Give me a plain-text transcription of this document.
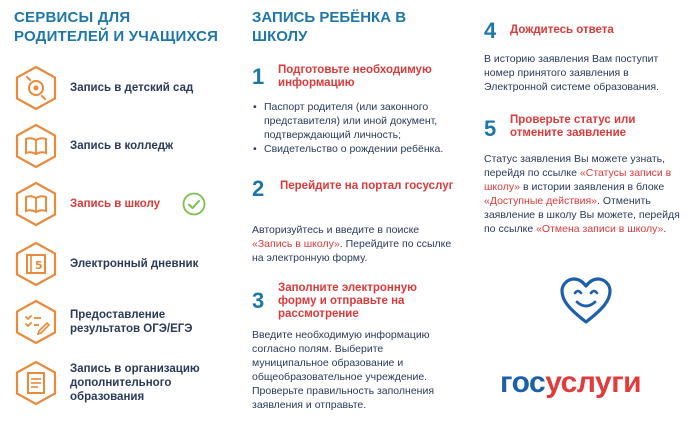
СЕРВИСЫ ДЛЯ
РОДИТЕЛЕЙ И УЧАЩИХСЯ
Запись в детский сад
Запись в колледж
Запись в школу
5 Электронный дневник
Предоставление
результатов ОГЭ/ЕГЭ
Запись в организацию
дополнительного
образования
ЗАПИСЬ РЕБЁНКА В
ШКОЛУ
1 Подготовьте необходимую
информацию
• Паспорт родителя (или законного
представителя) или иной документ,
подтверждающий личность;
• Свидетельство о рождении ребёнка.
2 Перейдите на портал госуслуг
Авторизуйтесь и введите в поиске
«Запись в школу». Перейдите по ссылке
на электронную форму.
3 Заполните электронную
форму и отправьте на
рассмотрение
Введите необходимую информацию
согласно полям. Выберите
муниципальное образование и
общеобразовательное учреждение.
Проверьте правильность заполнения
заявления и отправьте.
4 Дождитесь ответа
В историю заявления Вам поступит
номер принятого заявления в
Электронной системе образования.
5 Проверьте статус или
отмените заявление
Статус заявления Вы можете узнать,
перейдя по ссылке «Статусы записи в
школу» в истории заявления в блоке
«Доступные действия». Отменить
заявление в школу Вы можете, перейдя
по ссылке «Отмена записи в школу».
госуслуги
